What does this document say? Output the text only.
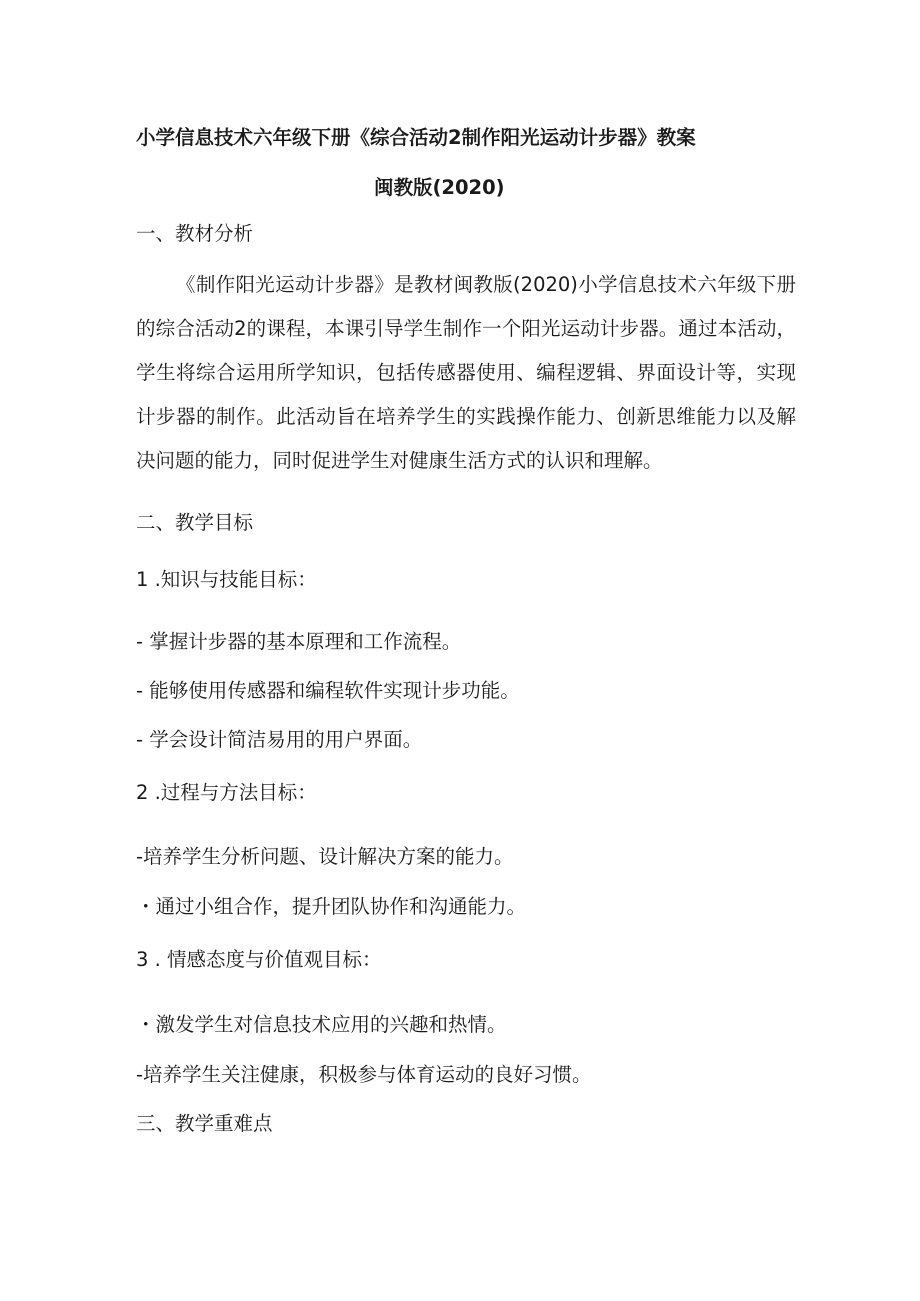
小学信息技术六年级下册《综合活动2制作阳光运动计步器》教案
闽教版(2020)
一、教材分析
《制作阳光运动计步器》是教材闽教版(2020)小学信息技术六年级下册的综合活动2的课程，本课引导学生制作一个阳光运动计步器。通过本活动，学生将综合运用所学知识，包括传感器使用、编程逻辑、界面设计等，实现计步器的制作。此活动旨在培养学生的实践操作能力、创新思维能力以及解决问题的能力，同时促进学生对健康生活方式的认识和理解。
二、教学目标
1 .知识与技能目标：
- 掌握计步器的基本原理和工作流程。
- 能够使用传感器和编程软件实现计步功能。
- 学会设计简洁易用的用户界面。
2 .过程与方法目标：
-培养学生分析问题、设计解决方案的能力。
・通过小组合作，提升团队协作和沟通能力。
3 . 情感态度与价值观目标：
・激发学生对信息技术应用的兴趣和热情。
-培养学生关注健康，积极参与体育运动的良好习惯。
三、教学重难点
